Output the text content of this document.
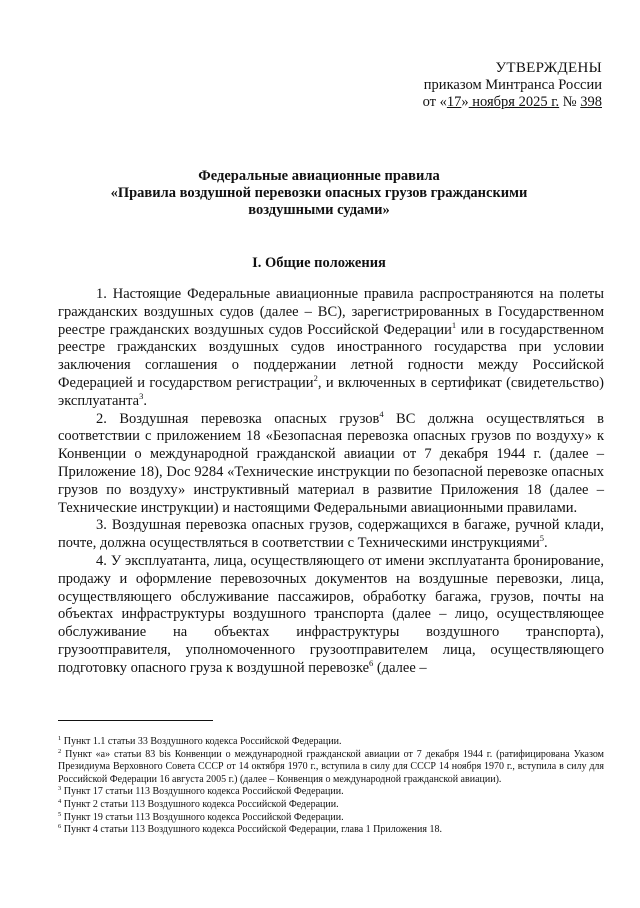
УТВЕРЖДЕНЫ
приказом Минтранса России
от «17» ноября 2025 г. № 398
Федеральные авиационные правила
«Правила воздушной перевозки опасных грузов гражданскими
воздушными судами»
I. Общие положения

1. Настоящие Федеральные авиационные правила распространяются на полеты гражданских воздушных судов (далее – ВС), зарегистрированных в Государственном реестре гражданских воздушных судов Российской Федерации$^1$ или в государственном реестре гражданских воздушных судов иностранного государства при условии заключения соглашения о поддержании летной годности между Российской Федерацией и государством регистрации$^2$, и включенных в сертификат (свидетельство) эксплуатанта$^3$.

2. Воздушная перевозка опасных грузов$^4$ ВС должна осуществляться в соответствии с приложением 18 «Безопасная перевозка опасных грузов по воздуху» к Конвенции о международной гражданской авиации от 7 декабря 1944 г. (далее – Приложение 18), Doc 9284 «Технические инструкции по безопасной перевозке опасных грузов по воздуху» инструктивный материал в развитие Приложения 18 (далее – Технические инструкции) и настоящими Федеральными авиационными правилами.

3. Воздушная перевозка опасных грузов, содержащихся в багаже, ручной клади, почте, должна осуществляться в соответствии с Техническими инструкциями$^5$.

4. У эксплуатанта, лица, осуществляющего от имени эксплуатанта бронирование, продажу и оформление перевозочных документов на воздушные перевозки, лица, осуществляющего обслуживание пассажиров, обработку багажа, грузов, почты на объектах инфраструктуры воздушного транспорта (далее – лицо, осуществляющее обслуживание на объектах инфраструктуры воздушного транспорта), грузоотправителя, уполномоченного грузоотправителем лица, осуществляющего подготовку опасного груза к воздушной перевозке$^6$ (далее –

$^1$ Пункт 1.1 статьи 33 Воздушного кодекса Российской Федерации.

$^2$ Пункт «а» статьи 83 bis Конвенции о международной гражданской авиации от 7 декабря 1944 г. (ратифицирована Указом Президиума Верховного Совета СССР от 14 октября 1970 г., вступила в силу для СССР 14 ноября 1970 г., вступила в силу для Российской Федерации 16 августа 2005 г.) (далее – Конвенция о международной гражданской авиации).

$^3$ Пункт 17 статьи 113 Воздушного кодекса Российской Федерации.

$^4$ Пункт 2 статьи 113 Воздушного кодекса Российской Федерации.

$^5$ Пункт 19 статьи 113 Воздушного кодекса Российской Федерации.

$^6$ Пункт 4 статьи 113 Воздушного кодекса Российской Федерации, глава 1 Приложения 18.
